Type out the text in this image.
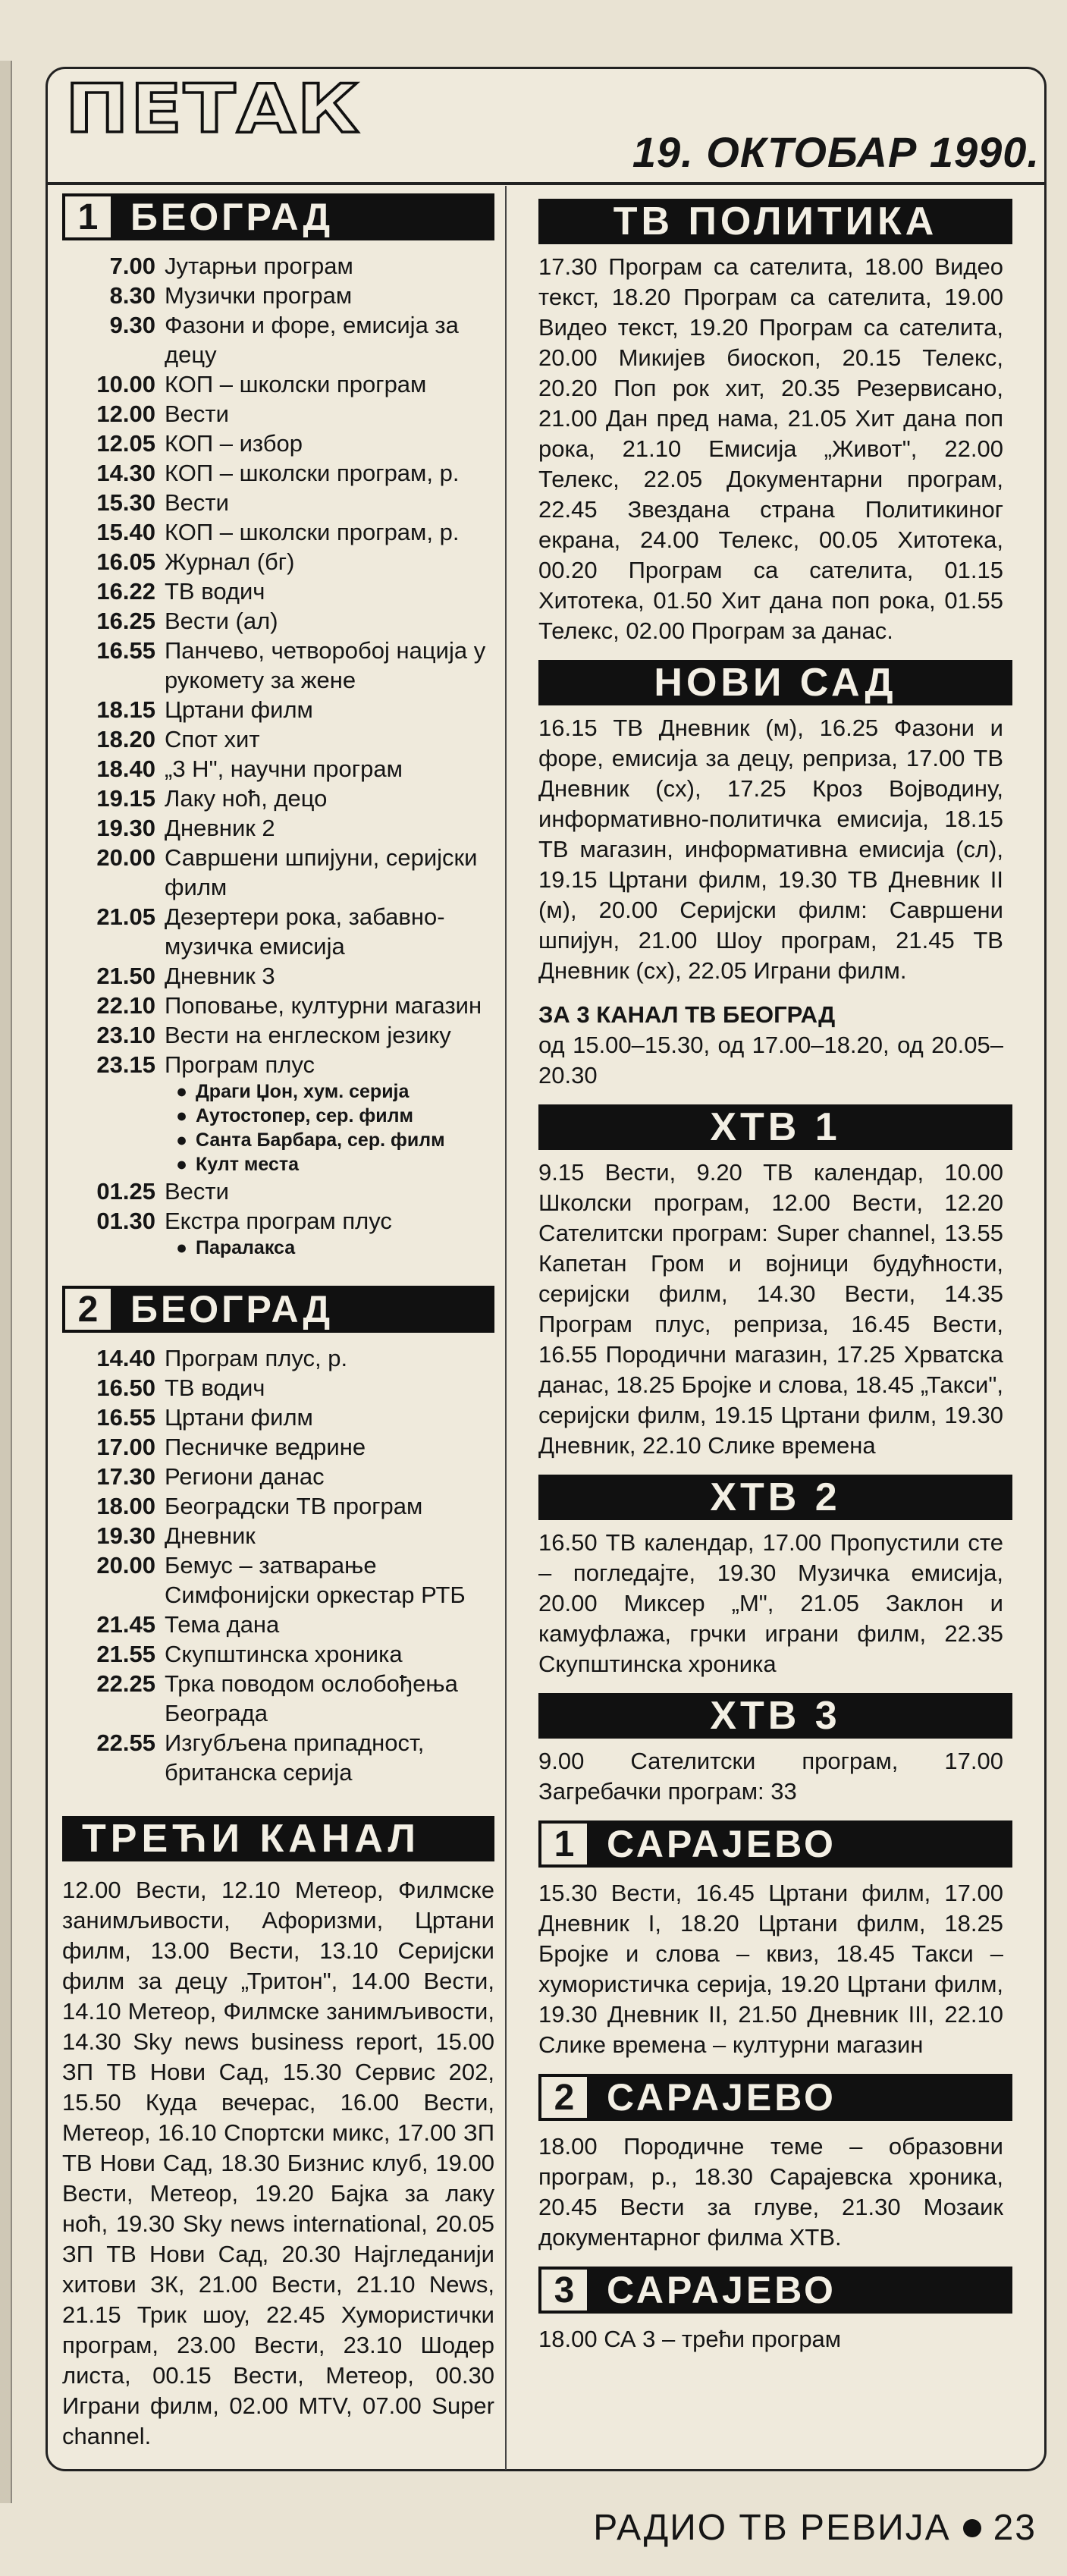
ПЕТАК
19. ОКТОБАР 1990.
1 БЕОГРАД
7.00 Јутарњи програм
8.30 Музички програм
9.30 Фазони и форе, емисија за децу
10.00 КОП – школски програм
12.00 Вести
12.05 КОП – избор
14.30 КОП – школски програм, р.
15.30 Вести
15.40 КОП – школски програм, р.
16.05 Журнал (бг)
16.22 ТВ водич
16.25 Вести (ал)
16.55 Панчево, четворобој нација у рукомету за жене
18.15 Цртани филм
18.20 Спот хит
18.40 „3 Н", научни програм
19.15 Лаку ноћ, децо
19.30 Дневник 2
20.00 Савршени шпијуни, серијски филм
21.05 Дезертери рока, забавно-музичка емисија
21.50 Дневник 3
22.10 Поповање, културни магазин
23.10 Вести на енглеском језику
23.15 Програм плус
● Драги Џон, хум. серија
● Аутостопер, сер. филм
● Санта Барбара, сер. филм
● Култ места
01.25 Вести
01.30 Екстра програм плус
● Паралакса
2 БЕОГРАД
14.40 Програм плус, р.
16.50 ТВ водич
16.55 Цртани филм
17.00 Песничке ведрине
17.30 Региони данас
18.00 Београдски ТВ програм
19.30 Дневник
20.00 Бемус – затварање Симфонијски оркестар РТБ
21.45 Тема дана
21.55 Скупштинска хроника
22.25 Трка поводом ослобођења Београда
22.55 Изгубљена припадност, британска серија
ТРЕЋИ КАНАЛ
12.00 Вести, 12.10 Метеор, Филмске занимљивости, Афоризми, Цртани филм, 13.00 Вести, 13.10 Серијски филм за децу „Тритон", 14.00 Вести, 14.10 Метеор, Филмске занимљивости, 14.30 Sky news business report, 15.00 ЗП ТВ Нови Сад, 15.30 Сервис 202, 15.50 Куда вечерас, 16.00 Вести, Метеор, 16.10 Спортски микс, 17.00 ЗП ТВ Нови Сад, 18.30 Бизнис клуб, 19.00 Вести, Метеор, 19.20 Бајка за лаку ноћ, 19.30 Sky news international, 20.05 ЗП ТВ Нови Сад, 20.30 Најгледанији хитови ЗК, 21.00 Вести, 21.10 News, 21.15 Трик шоу, 22.45 Хумористички програм, 23.00 Вести, 23.10 Шодер листа, 00.15 Вести, Метеор, 00.30 Играни филм, 02.00 MTV, 07.00 Super channel.
ТВ ПОЛИТИКА
17.30 Програм са сателита, 18.00 Видео текст, 18.20 Програм са сателита, 19.00 Видео текст, 19.20 Програм са сателита, 20.00 Микијев биоскоп, 20.15 Телекс, 20.20 Поп рок хит, 20.35 Резервисано, 21.00 Дан пред нама, 21.05 Хит дана поп рока, 21.10 Емисија „Живот", 22.00 Телекс, 22.05 Документарни програм, 22.45 Звездана страна Политикиног екрана, 24.00 Телекс, 00.05 Хитотека, 00.20 Програм са сателита, 01.15 Хитотека, 01.50 Хит дана поп рока, 01.55 Телекс, 02.00 Програм за данас.
НОВИ САД
16.15 ТВ Дневник (м), 16.25 Фазони и форе, емисија за децу, репризa, 17.00 ТВ Дневник (сх), 17.25 Кроз Војводину, информативно-политичка емисија, 18.15 ТВ магазин, информативна емисија (сл), 19.15 Цртани филм, 19.30 ТВ Дневник II (м), 20.00 Серијски филм: Савршени шпијун, 21.00 Шоу програм, 21.45 ТВ Дневник (сх), 22.05 Играни филм.
ЗА 3 КАНАЛ ТВ БЕОГРАД
од 15.00–15.30, од 17.00–18.20, од 20.05–20.30
ХТВ 1
9.15 Вести, 9.20 ТВ календар, 10.00 Школски програм, 12.00 Вести, 12.20 Сателитски програм: Super channel, 13.55 Капетан Гром и војници будућности, серијски филм, 14.30 Вести, 14.35 Програм плус, репризa, 16.45 Вести, 16.55 Породични магазин, 17.25 Хрватска данас, 18.25 Бројке и слова, 18.45 „Такси", серијски филм, 19.15 Цртани филм, 19.30 Дневник, 22.10 Слике времена
ХТВ 2
16.50 ТВ календар, 17.00 Пропустили сте – погледајте, 19.30 Музичка емисија, 20.00 Миксер „М", 21.05 Заклон и камуфлажа, грчки играни филм, 22.35 Скупштинска хроника
ХТВ 3
9.00 Сателитски програм, 17.00 Загребачки програм: 33
1 САРАЈЕВО
15.30 Вести, 16.45 Цртани филм, 17.00 Дневник I, 18.20 Цртани филм, 18.25 Бројке и слова – квиз, 18.45 Такси – хумористичка серија, 19.20 Цртани филм, 19.30 Дневник II, 21.50 Дневник III, 22.10 Слике времена – културни магазин
2 САРАЈЕВО
18.00 Породичне теме – образовни програм, р., 18.30 Сарајевска хроника, 20.45 Вести за глуве, 21.30 Мозаик документарног филма ХТВ.
3 САРАЈЕВО
18.00 СА 3 – трећи програм
РАДИО ТВ РЕВИЈА 23
